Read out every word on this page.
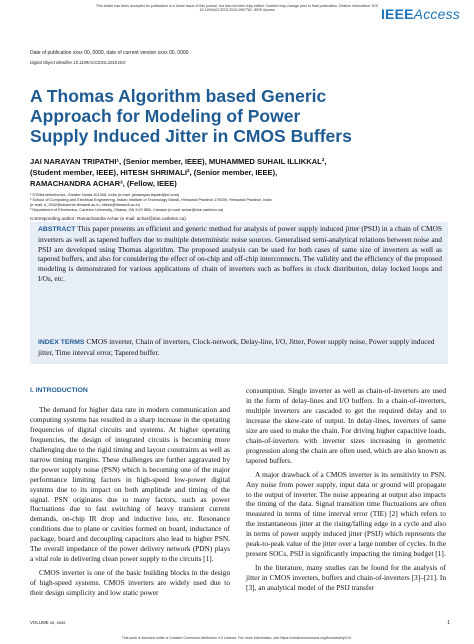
This article has been accepted for publication in a future issue of this journal, but has not been fully edited. Content may change prior to final publication. Citation information: DOI
10.1109/ACCESS.2019.2957762, IEEE Access	IEEEAccess
Date of publication xxxx 00, 0000, date of current version xxxx 00, 0000.
Digital Object Identifier 10.1109/ACCESS.2019.DOI
A Thomas Algorithm based Generic Approach for Modeling of Power Supply Induced Jitter in CMOS Buffers
JAI NARAYAN TRIPATHI¹, (Senior member, IEEE), MUHAMMED SUHAIL ILLIKKAL²,
(Student member, IEEE), HITESH SHRIMALI², (Senior member, IEEE),
RAMACHANDRA ACHAR³, (Fellow, IEEE)
¹ STMicroelectronics, Greater Noida 201308, India (e-mail: jainarayan.tripathi@st.com)
² School of Computing and Electrical Engineering, Indian Institute of Technology Mandi, Himachal Pradesh 175005, Himachal Pradesh, India
(e-mail: d_3942@students.iitmandi.ac.in, hitesh@iitmandi.ac.in)
³ Department of Electronics, Carleton University, Ottawa, ON K1S 5B6, Canada (e-mail: achar@doe.carleton.ca)
Corresponding author: Ramachandra Achar (e-mail: achar@doe.carleton.ca).
ABSTRACT This paper presents an efficient and generic method for analysis of power supply induced jitter (PSIJ) in a chain of CMOS inverters as well as tapered buffers due to multiple deterministic noise sources. Generalised semi-analytical relations between noise and PSIJ are developed using Thomas algorithm. The proposed analysis can be used for both cases of same size of inverters as well as tapered buffers, and also for considering the effect of on-chip and off-chip interconnects. The validity and the efficiency of the proposed modeling is demonstrated for various applications of chain of inverters such as buffers in clock distribution, delay locked loops and I/Os, etc.
INDEX TERMS CMOS inverter, Chain of inverters, Clock-network, Delay-line, I/O, Jitter, Power supply noise, Power supply induced jitter, Time interval error, Tapered buffer.
I. INTRODUCTION

The demand for higher data rate in modern communication and computing systems has resulted in a sharp increase in the operating frequencies of digital circuits and systems. At higher operating frequencies, the design of integrated circuits is becoming more challenging due to the rigid timing and layout constraints as well as narrow timing margins. These challenges are further aggravated by the power supply noise (PSN) which is becoming one of the major performance limiting factors in high-speed low-power digital systems due to its impact on both amplitude and timing of the signal. PSN originates due to many factors, such as power fluctuations due to fast switching of heavy transient current demands, on-chip IR drop and inductive loss, etc. Resonance conditions due to plane or cavities formed on board, inductance of package, board and decoupling capacitors also lead to higher PSN. The overall impedance of the power delivery network (PDN) plays a vital role in delivering clean power supply to the circuits [1].

CMOS inverter is one of the basic building blocks in the design of high-speed systems. CMOS inverters are widely used due to their design simplicity and low static power

consumption. Single inverter as well as chain-of-inverters are used in the form of delay-lines and I/O buffers. In a chain-of-inverters, multiple inverters are cascaded to get the required delay and to increase the skew-rate of output. In delay-lines, inverters of same size are used to make the chain. For driving higher capacitive loads, chain-of-inverters with inverter sizes increasing in geometric progression along the chain are often used, which are also known as tapered buffers.

A major drawback of a CMOS inverter is its sensitivity to PSN. Any noise from power supply, input data or ground will propagate to the output of inverter. The noise appearing at output also impacts the timing of the data. Signal transition time fluctuations are often measured in terms of time interval error (TIE) [2] which refers to the instantaneous jitter at the rising/falling edge in a cycle and also in terms of power supply induced jitter (PSIJ) which represents the peak-to-peak value of the jitter over a large number of cycles. In the present SOCs, PSIJ is significantly impacting the timing budget [1].

In the literature, many studies can be found for the analysis of jitter in CMOS inverters, buffers and chain-of-inverters [3]–[21]. In [3], an analytical model of the PSIJ transfer

VOLUME xx, xxxx	1
This work is licensed under a Creative Commons Attribution 4.0 License. For more information, see https://creativecommons.org/licenses/by/4.0/.
